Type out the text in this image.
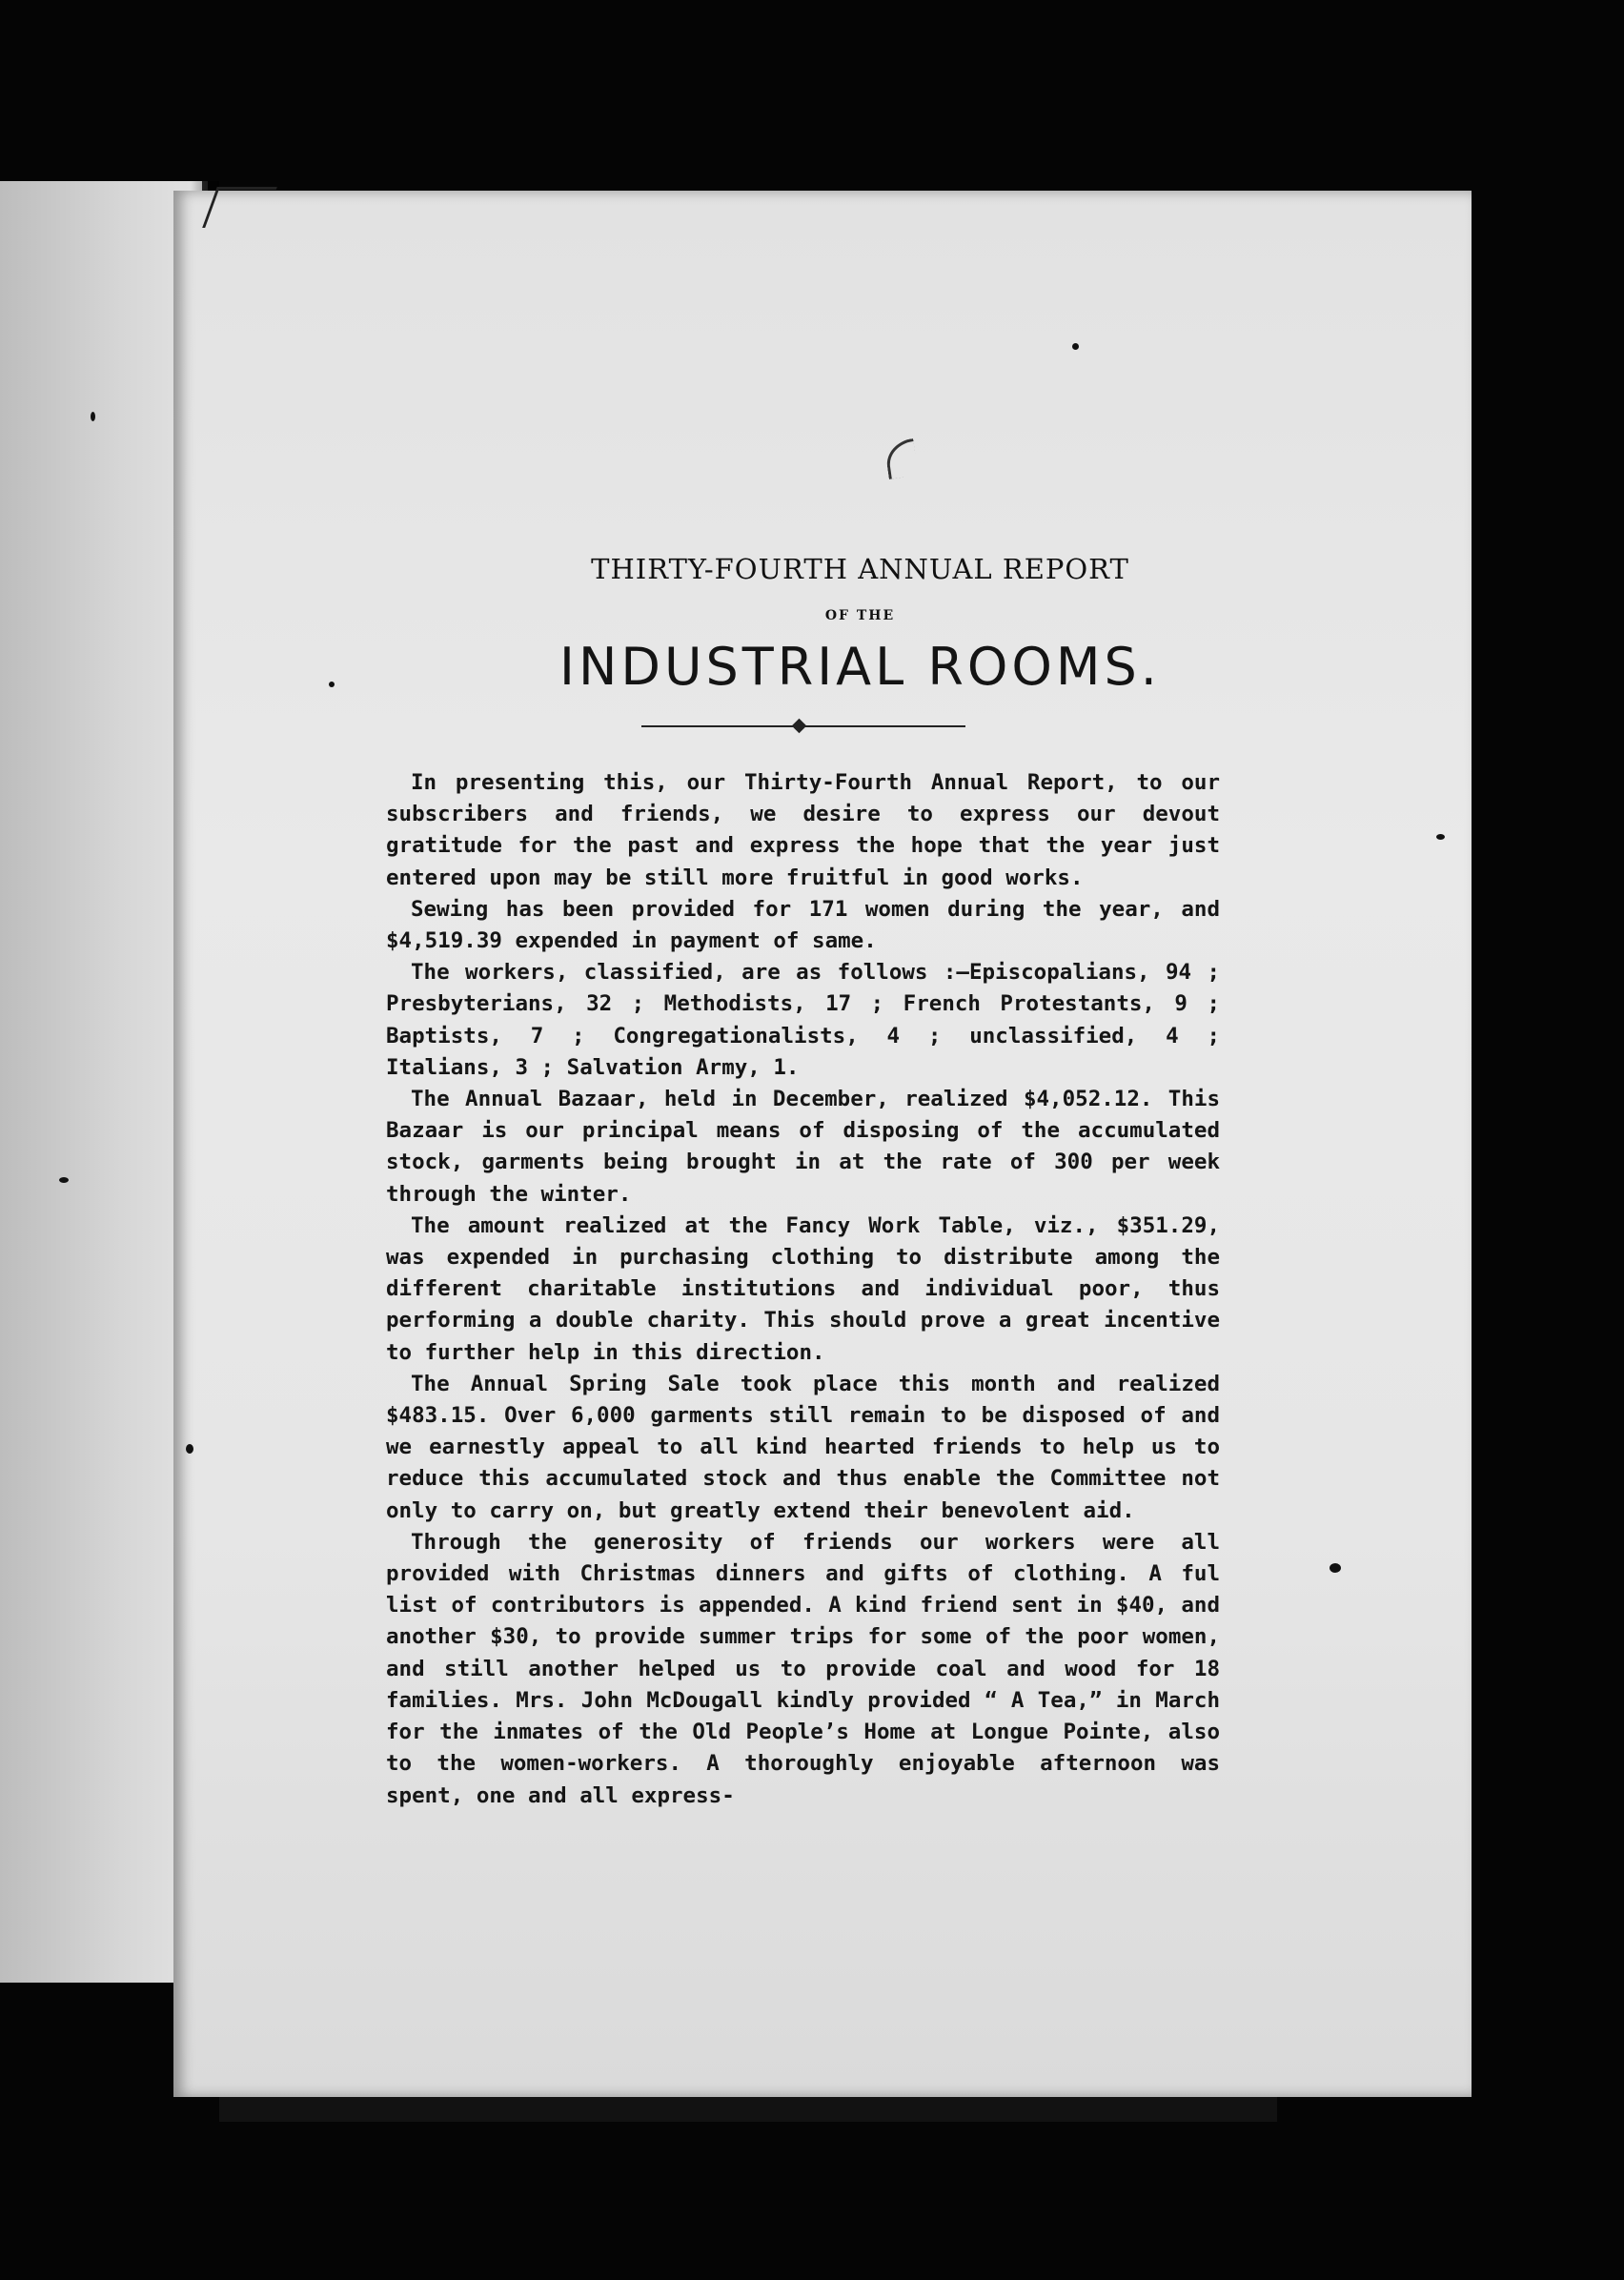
THIRTY-FOURTH ANNUAL REPORT
OF THE
INDUSTRIAL ROOMS.

In presenting this, our Thirty-Fourth Annual Report, to our subscribers and friends, we desire to express our devout gratitude for the past and express the hope that the year just entered upon may be still more fruitful in good works.

Sewing has been provided for 171 women during the year, and $4,519.39 expended in payment of same.

The workers, classified, are as follows :—Episcopalians, 94 ; Presbyterians, 32 ; Methodists, 17 ; French Protestants, 9 ; Baptists, 7 ; Congregationalists, 4 ; unclassified, 4 ; Italians, 3 ; Salvation Army, 1.

The Annual Bazaar, held in December, realized $4,052.12. This Bazaar is our principal means of disposing of the accumulated stock, garments being brought in at the rate of 300 per week through the winter.

The amount realized at the Fancy Work Table, viz., $351.29, was expended in purchasing clothing to distribute among the different charitable institutions and individual poor, thus performing a double charity. This should prove a great incentive to further help in this direction.

The Annual Spring Sale took place this month and realized $483.15. Over 6,000 garments still remain to be disposed of and we earnestly appeal to all kind hearted friends to help us to reduce this accumulated stock and thus enable the Committee not only to carry on, but greatly extend their benevolent aid.

Through the generosity of friends our workers were all provided with Christmas dinners and gifts of clothing. A ful list of contributors is appended. A kind friend sent in $40, and another $30, to provide summer trips for some of the poor women, and still another helped us to provide coal and wood for 18 families. Mrs. John McDougall kindly provided “ A Tea,” in March for the inmates of the Old People’s Home at Longue Pointe, also to the women-workers. A thoroughly enjoyable afternoon was spent, one and all express-
